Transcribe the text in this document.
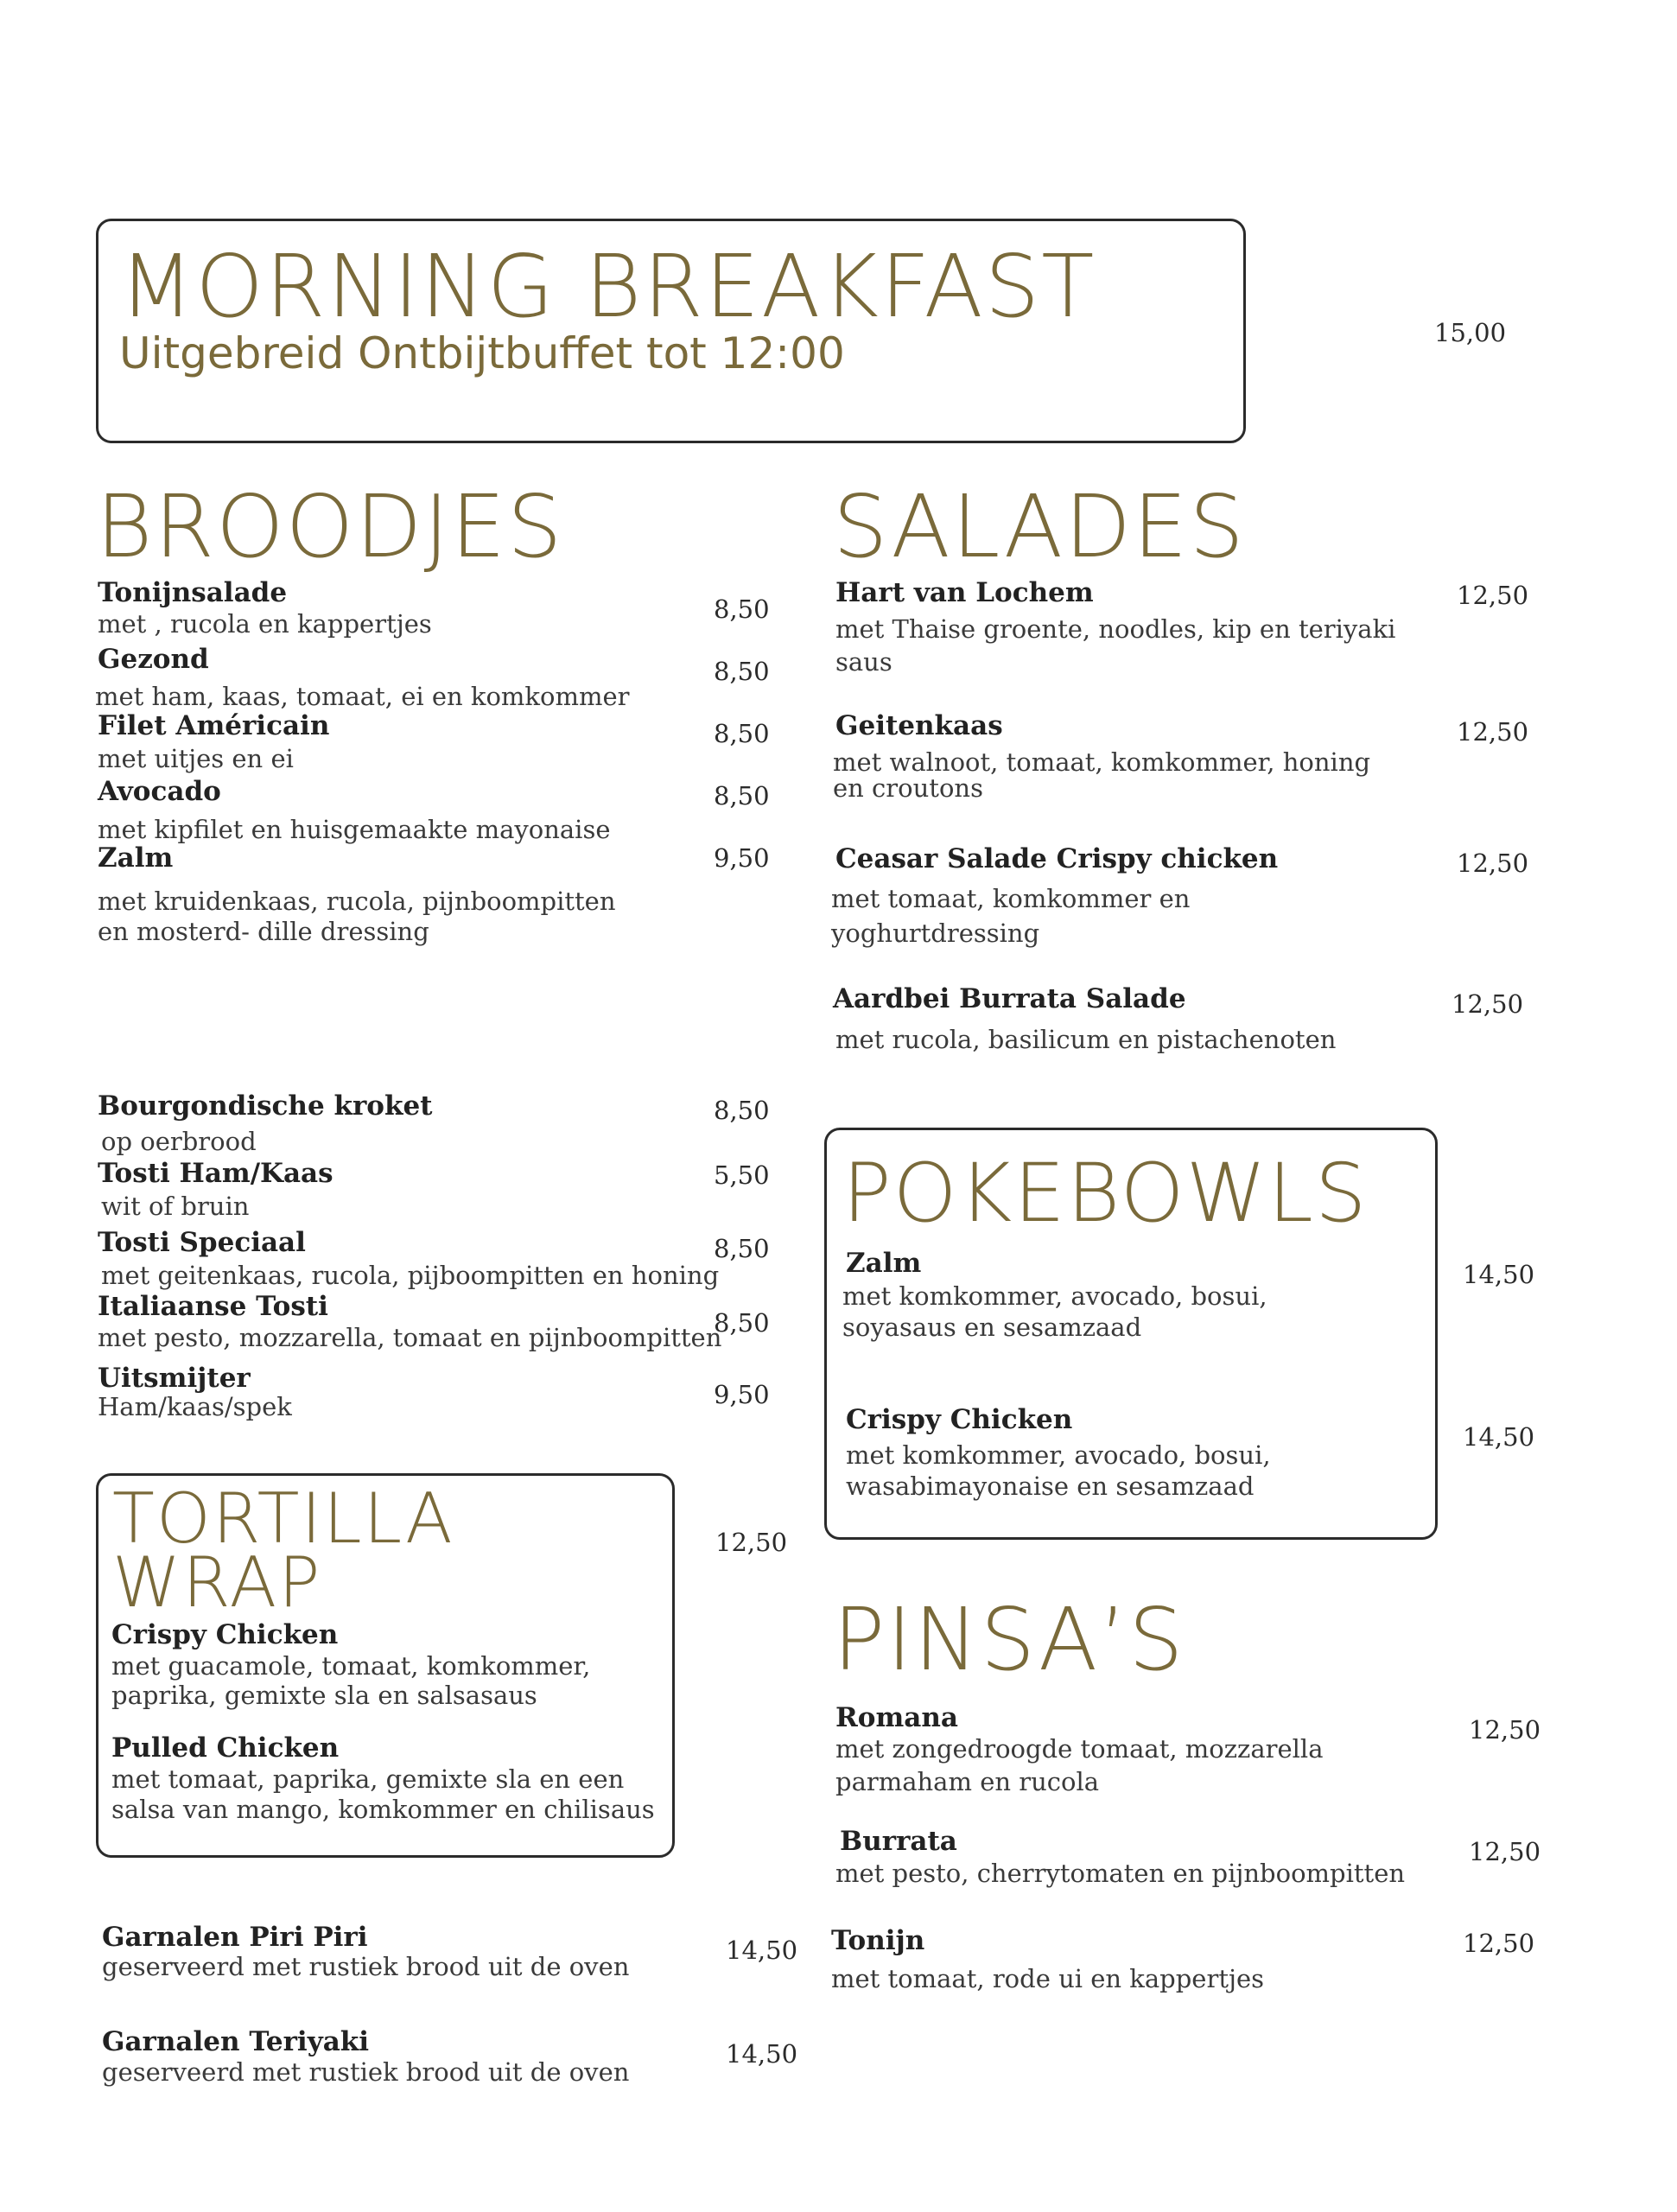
MORNING BREAKFAST
Uitgebreid Ontbijtbuffet tot 12:00	15,00
BROODJES
Tonijnsalade
met , rucola en kappertjes	8,50
Gezond
met ham, kaas, tomaat, ei en komkommer
8,50
Filet Américain
met uitjes en ei
8,50
Avocado
met kipfilet en huisgemaakte mayonaise
8,50
Zalm
met kruidenkaas, rucola, pijnboompitten
en mosterd- dille dressing
9,50
Bourgondische kroket
op oerbrood
8,50
Tosti Ham/Kaas
wit of bruin
5,50
Tosti Speciaal
met geitenkaas, rucola, pijboompitten en honing
8,50
Italiaanse Tosti
met pesto, mozzarella, tomaat en pijnboompitten
8,50
Uitsmijter
Ham/kaas/spek	9,50
TORTILLA
WRAP	12,50
Crispy Chicken
met guacamole, tomaat, komkommer,
paprika, gemixte sla en salsasaus
Pulled Chicken
met tomaat, paprika, gemixte sla en een
salsa van mango, komkommer en chilisaus
Garnalen Piri Piri
geserveerd met rustiek brood uit de oven
14,50
Garnalen Teriyaki
geserveerd met rustiek brood uit de oven
14,50
SALADES
Hart van Lochem
met Thaise groente, noodles, kip en teriyaki
saus
12,50
Geitenkaas
met walnoot, tomaat, komkommer, honing
en croutons
12,50
Ceasar Salade Crispy chicken
met tomaat, komkommer en
yoghurtdressing
12,50
Aardbei Burrata Salade
met rucola, basilicum en pistachenoten
12,50
POKEBOWLS
Zalm
met komkommer, avocado, bosui,
soyasaus en sesamzaad
14,50
Crispy Chicken
met komkommer, avocado, bosui,
wasabimayonaise en sesamzaad
14,50
PINSA’S
Romana
met zongedroogde tomaat, mozzarella
parmaham en rucola
12,50
Burrata
met pesto, cherrytomaten en pijnboompitten
12,50
Tonijn
met tomaat, rode ui en kappertjes
12,50
